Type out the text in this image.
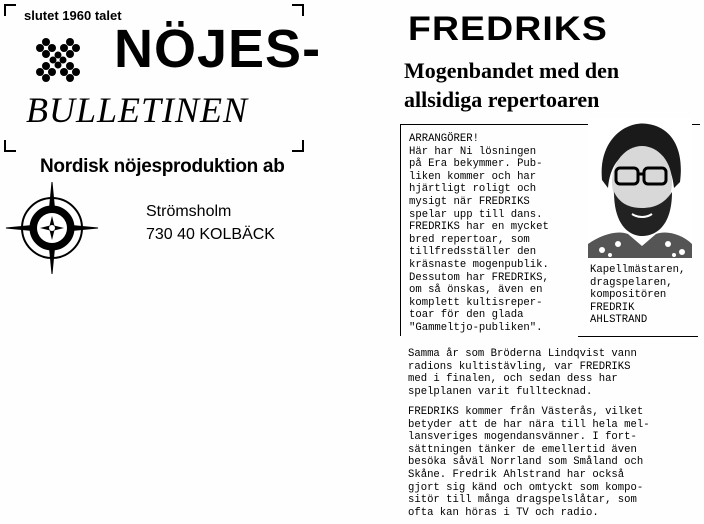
slutet 1960 talet
NÖJES-
BULLETINEN
Nordisk nöjesproduktion ab
Strömsholm
730 40 KOLBÄCK
FREDRIKS
Mogenbandet med den allsidiga repertoaren
ARRANGÖRER!
Här har Ni lösningen
på Era bekymmer. Pub-
liken kommer och har
hjärtligt roligt och
mysigt när FREDRIKS
spelar upp till dans.
FREDRIKS har en mycket
bred repertoar, som
tillfredsställer den
kräsnaste mogenpublik.
Dessutom har FREDRIKS,
om så önskas, även en
komplett kultisreper-
toar för den glada
"Gammeltjo-publiken".
Kapellmästaren,
dragspelaren,
kompositören
FREDRIK
AHLSTRAND
Samma år som Bröderna Lindqvist vann
radions kultistävling, var FREDRIKS
med i finalen, och sedan dess har
spelplanen varit fulltecknad.
FREDRIKS kommer från Västerås, vilket
betyder att de har nära till hela mel-
lansveriges mogendansvänner. I fort-
sättningen tänker de emellertid även
besöka såväl Norrland som Småland och
Skåne. Fredrik Ahlstrand har också
gjort sig känd och omtyckt som kompo-
sitör till många dragspelslåtar, som
ofta kan höras i TV och radio.
